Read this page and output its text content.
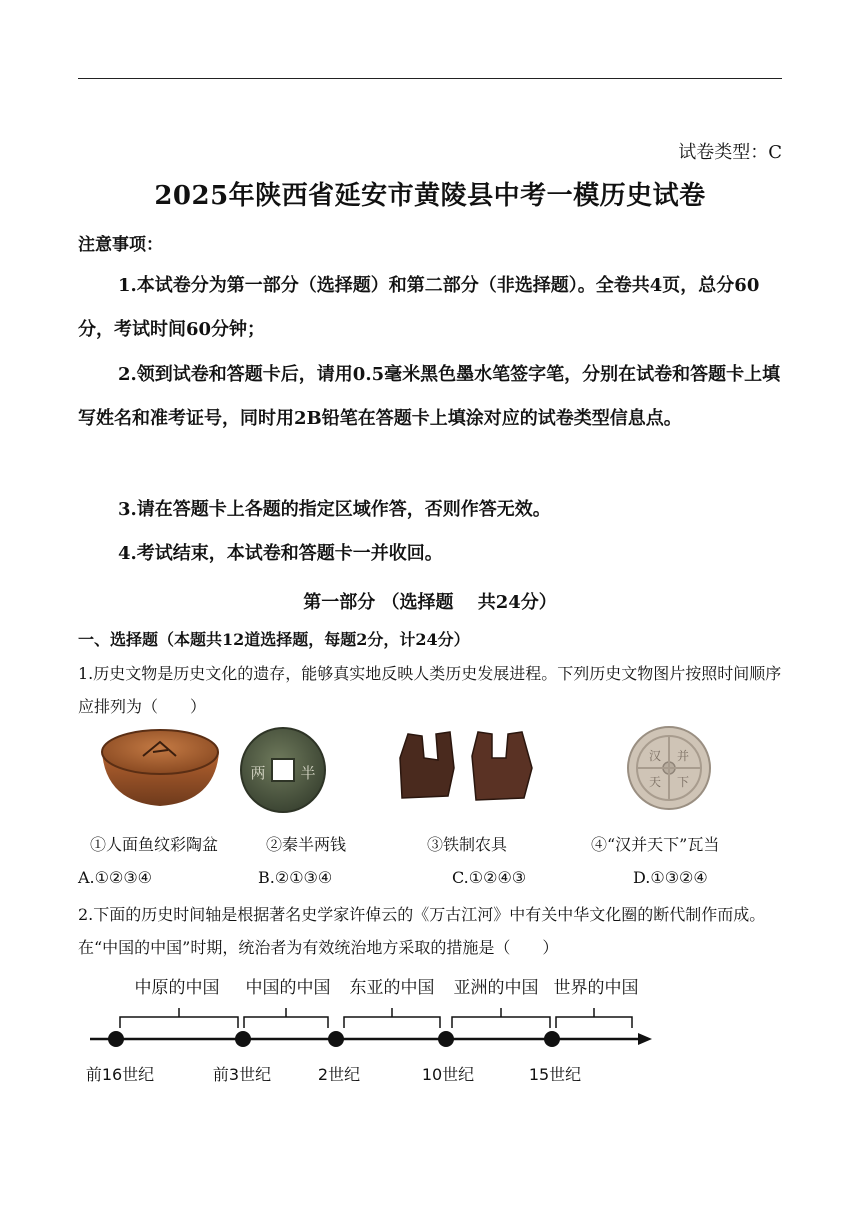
试卷类型：C
2025年陕西省延安市黄陵县中考一模历史试卷
注意事项：
1.本试卷分为第一部分（选择题）和第二部分（非选择题）。全卷共4页，总分60分，考试时间60分钟；
2.领到试卷和答题卡后，请用0.5毫米黑色墨水笔签字笔，分别在试卷和答题卡上填写姓名和准考证号，同时用2B铅笔在答题卡上填涂对应的试卷类型信息点。
3.请在答题卡上各题的指定区域作答，否则作答无效。
4.考试结束，本试卷和答题卡一并收回。
第一部分 （选择题　 共24分）
一、选择题（本题共12道选择题，每题2分，计24分）
1.历史文物是历史文化的遗存，能够真实地反映人类历史发展进程。下列历史文物图片按照时间顺序应排列为（　　）
半
两
汉 并
天 下
①人面鱼纹彩陶盆	②秦半两钱	③铁制农具	④“汉并天下”瓦当
A.①②③④	B.②①③④	C.①②④③	D.①③②④
2.下面的历史时间轴是根据著名史学家许倬云的《万古江河》中有关中华文化圈的断代制作而成。在“中国的中国”时期，统治者为有效统治地方采取的措施是（　　）
中原的中国 中国的中国 东亚的中国 亚洲的中国 世界的中国
前16世纪	前3世纪	2世纪	10世纪	15世纪
